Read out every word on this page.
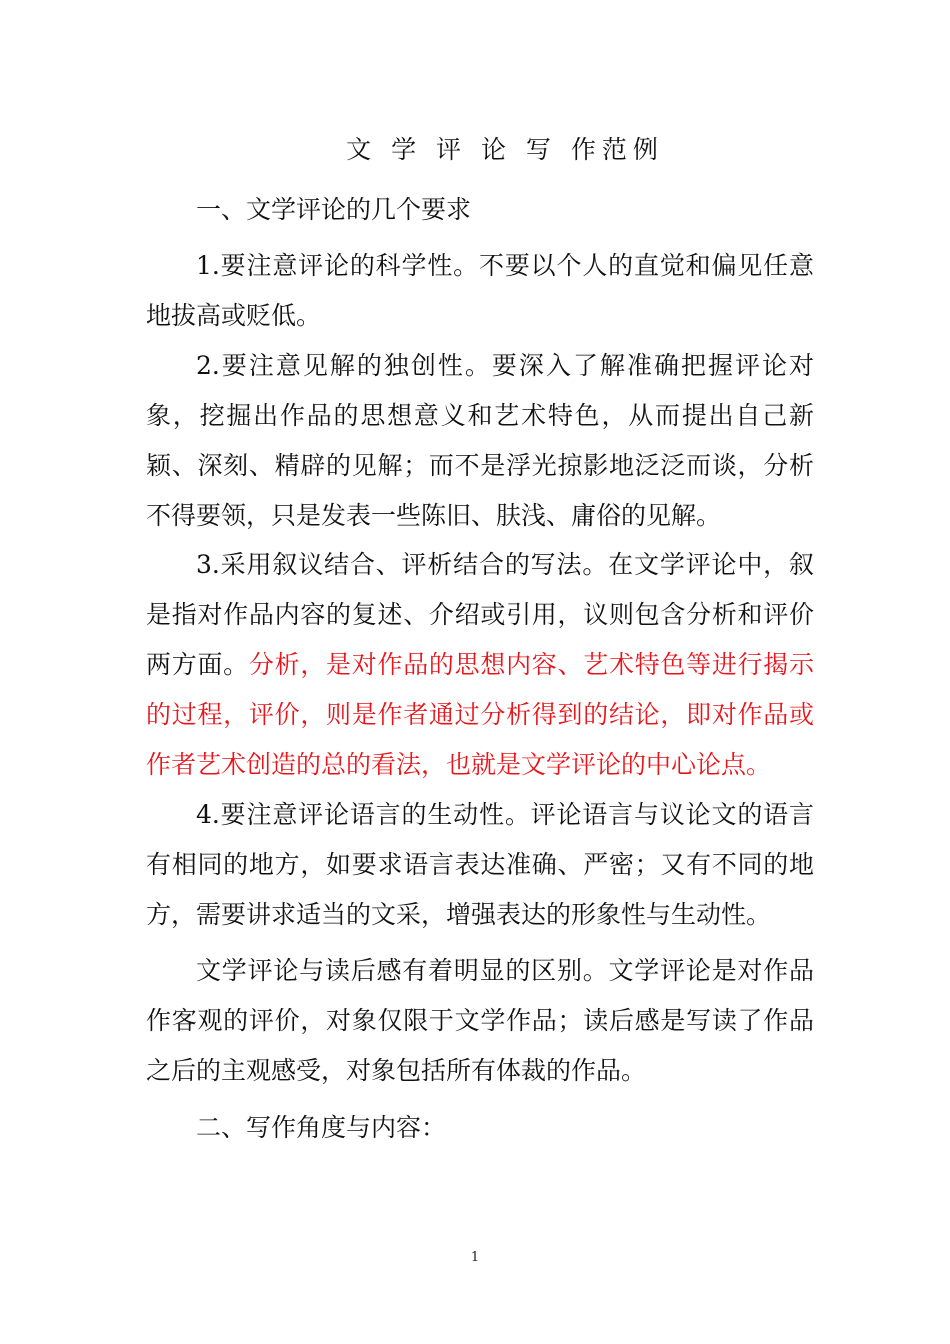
文 学 评 论 写 作范例

一、文学评论的几个要求

1.要注意评论的科学性。不要以个人的直觉和偏见任意地拔高或贬低。

2.要注意见解的独创性。要深入了解准确把握评论对象，挖掘出作品的思想意义和艺术特色，从而提出自己新颖、深刻、精辟的见解；而不是浮光掠影地泛泛而谈，分析不得要领，只是发表一些陈旧、肤浅、庸俗的见解。

3.采用叙议结合、评析结合的写法。在文学评论中，叙是指对作品内容的复述、介绍或引用，议则包含分析和评价两方面。分析，是对作品的思想内容、艺术特色等进行揭示的过程，评价，则是作者通过分析得到的结论，即对作品或作者艺术创造的总的看法，也就是文学评论的中心论点。

4.要注意评论语言的生动性。评论语言与议论文的语言有相同的地方，如要求语言表达准确、严密；又有不同的地方，需要讲求适当的文采，增强表达的形象性与生动性。

文学评论与读后感有着明显的区别。文学评论是对作品作客观的评价，对象仅限于文学作品；读后感是写读了作品之后的主观感受，对象包括所有体裁的作品。

二、写作角度与内容：

1
